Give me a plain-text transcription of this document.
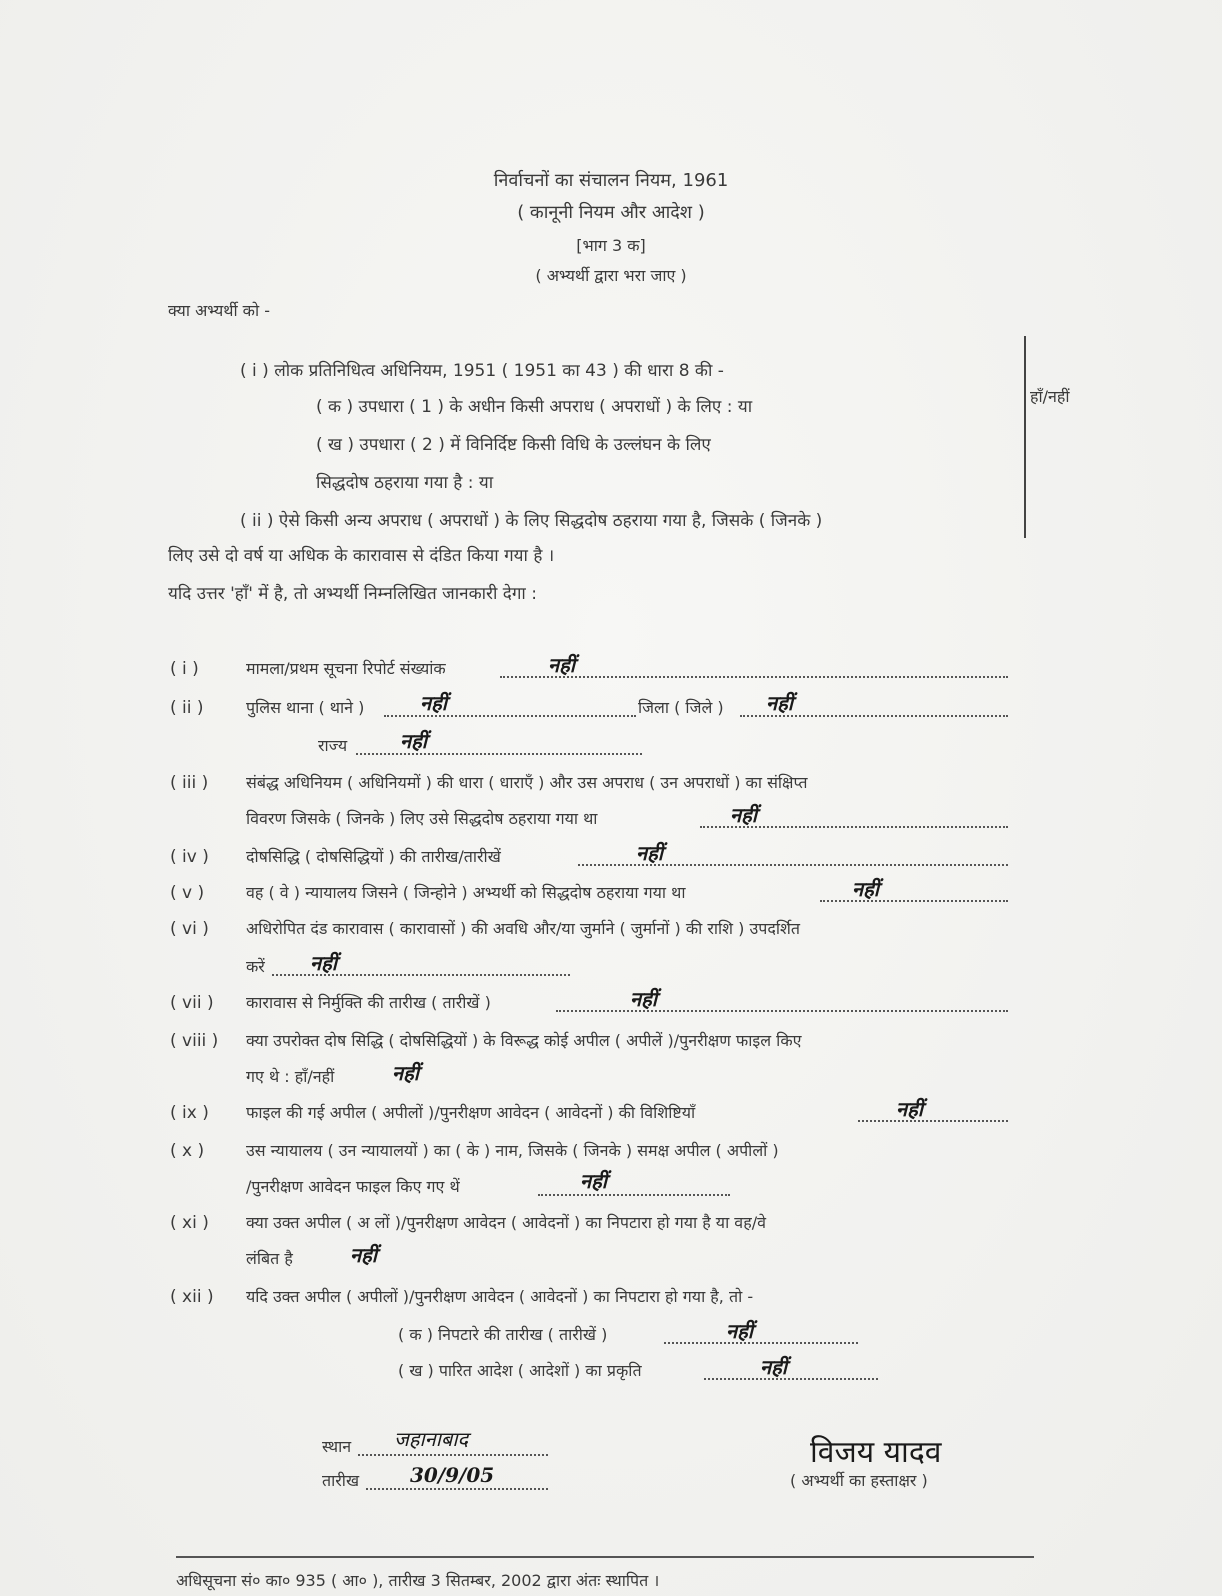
निर्वाचनों का संचालन नियम, 1961
( कानूनी नियम और आदेश )
[भाग 3 क]
( अभ्यर्थी द्वारा भरा जाए )
क्या अभ्यर्थी को -
हाँ/नहीं
( i ) लोक प्रतिनिधित्व अधिनियम, 1951 ( 1951 का 43 ) की धारा 8 की -
( क ) उपधारा ( 1 ) के अधीन किसी अपराध ( अपराधों ) के लिए : या
( ख ) उपधारा ( 2 ) में विनिर्दिष्ट किसी विधि के उल्लंघन के लिए
सिद्धदोष ठहराया गया है : या
( ii ) ऐसे किसी अन्य अपराध ( अपराधों ) के लिए सिद्धदोष ठहराया गया है, जिसके ( जिनके )
लिए उसे दो वर्ष या अधिक के कारावास से दंडित किया गया है ।
यदि उत्तर 'हाँ' में है, तो अभ्यर्थी निम्नलिखित जानकारी देगा :
( i )	मामला/प्रथम सूचना रिपोर्ट संख्यांक	नहीं
( ii )	पुलिस थाना ( थाने )	नहीं	जिला ( जिले ) नहीं
राज्य	नहीं
( iii ) संबंद्ध अधिनियम ( अधिनियमों ) की धारा ( धाराएँ ) और उस अपराध ( उन अपराधों ) का संक्षिप्त
विवरण जिसके ( जिनके ) लिए उसे सिद्धदोष ठहराया गया था	नहीं
( iv ) दोषसिद्धि ( दोषसिद्धियों ) की तारीख/तारीखें	नहीं
( v )	वह ( वे ) न्यायालय जिसने ( जिन्होने ) अभ्यर्थी को सिद्धदोष ठहराया गया था	नहीं
( vi ) अधिरोपित दंड कारावास ( कारावासों ) की अवधि और/या जुर्माने ( जुर्मानों ) की राशि ) उपदर्शित
करें नहीं
( vii ) कारावास से निर्मुक्ति की तारीख ( तारीखें )	नहीं
( viii ) क्या उपरोक्त दोष सिद्धि ( दोषसिद्धियों ) के विरूद्ध कोई अपील ( अपीलें )/पुनरीक्षण फाइल किए
गए थे : हाँ/नहीं	नहीं
( ix ) फाइल की गई अपील ( अपीलों )/पुनरीक्षण आवेदन ( आवेदनों ) की विशिष्टियाँ	नहीं
( x )	उस न्यायालय ( उन न्यायालयों ) का ( के ) नाम, जिसके ( जिनके ) समक्ष अपील ( अपीलों )
/पुनरीक्षण आवेदन फाइल किए गए थें	नहीं
( xi ) क्या उक्त अपील ( अ लों )/पुनरीक्षण आवेदन ( आवेदनों ) का निपटारा हो गया है या वह/वे
लंबित है	नहीं
( xii ) यदि उक्त अपील ( अपीलों )/पुनरीक्षण आवेदन ( आवेदनों ) का निपटारा हो गया है, तो -
( क ) निपटारे की तारीख ( तारीखें )	नहीं
( ख ) पारित आदेश ( आदेशों ) का प्रकृति	नहीं
स्थान जहानाबाद
तारीख	30/9/05
विजय यादव
( अभ्यर्थी का हस्ताक्षर )
अधिसूचना सं० का० 935 ( आ० ), तारीख 3 सितम्बर, 2002 द्वारा अंतः स्थापित ।
